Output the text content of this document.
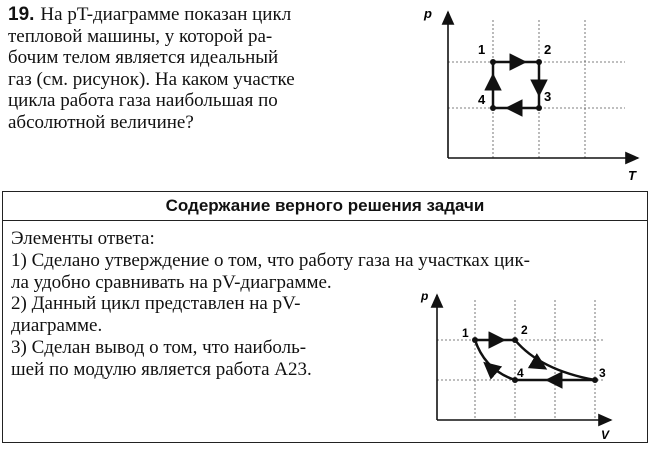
19. На pT-диаграмме показан цикл
тепловой машины, у которой ра-
бочим телом является идеальный
газ (см. рисунок). На каком участке
цикла работа газа наибольшая по
абсолютной величине?
p
T
1	2
3
4
Содержание верного решения задачи
Элементы ответа:
1) Сделано утверждение о том, что работу газа на участках цик-
ла удобно сравнивать на pV-диаграмме.
2) Данный цикл представлен на pV-
диаграмме.
3) Сделан вывод о том, что наиболь-
шей по модулю является работа A23.
p
V
1	2
3
4
